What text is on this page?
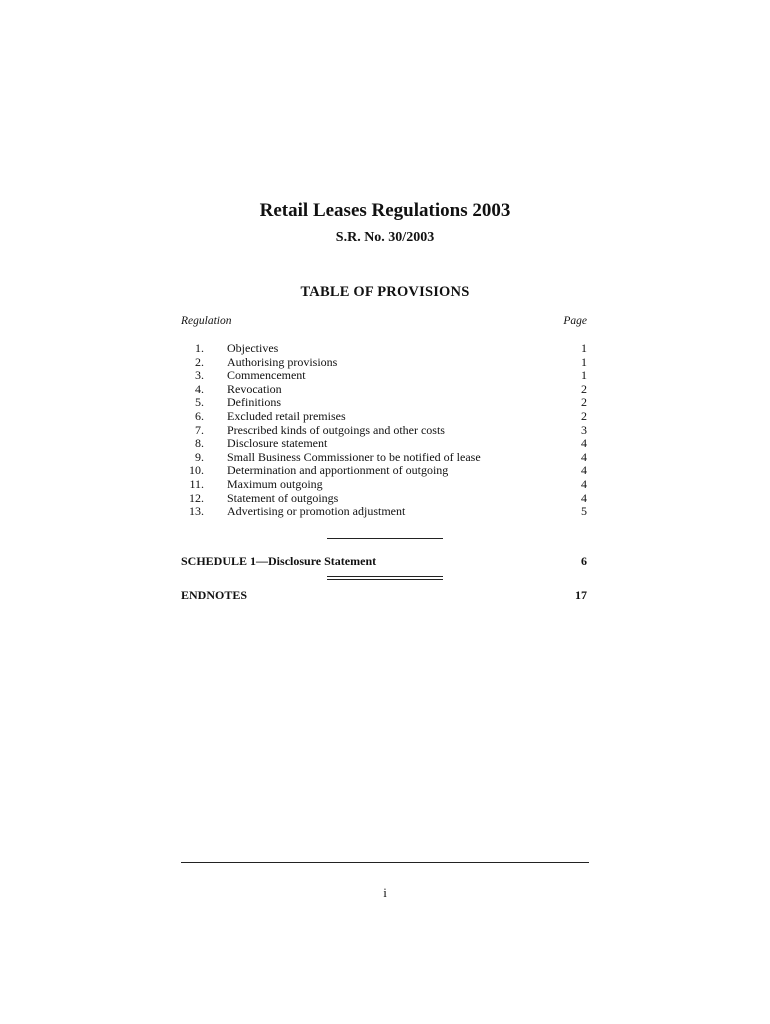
Retail Leases Regulations 2003
S.R. No. 30/2003
TABLE OF PROVISIONS
Regulation	Page
1. Objectives	1
2. Authorising provisions	1
3. Commencement	1
4. Revocation	2
5. Definitions	2
6. Excluded retail premises	2
7. Prescribed kinds of outgoings and other costs	3
8. Disclosure statement	4
9. Small Business Commissioner to be notified of lease	4
10. Determination and apportionment of outgoing	4
11. Maximum outgoing	4
12. Statement of outgoings	4
13. Advertising or promotion adjustment	5
SCHEDULE 1—Disclosure Statement	6
ENDNOTES	17
i
